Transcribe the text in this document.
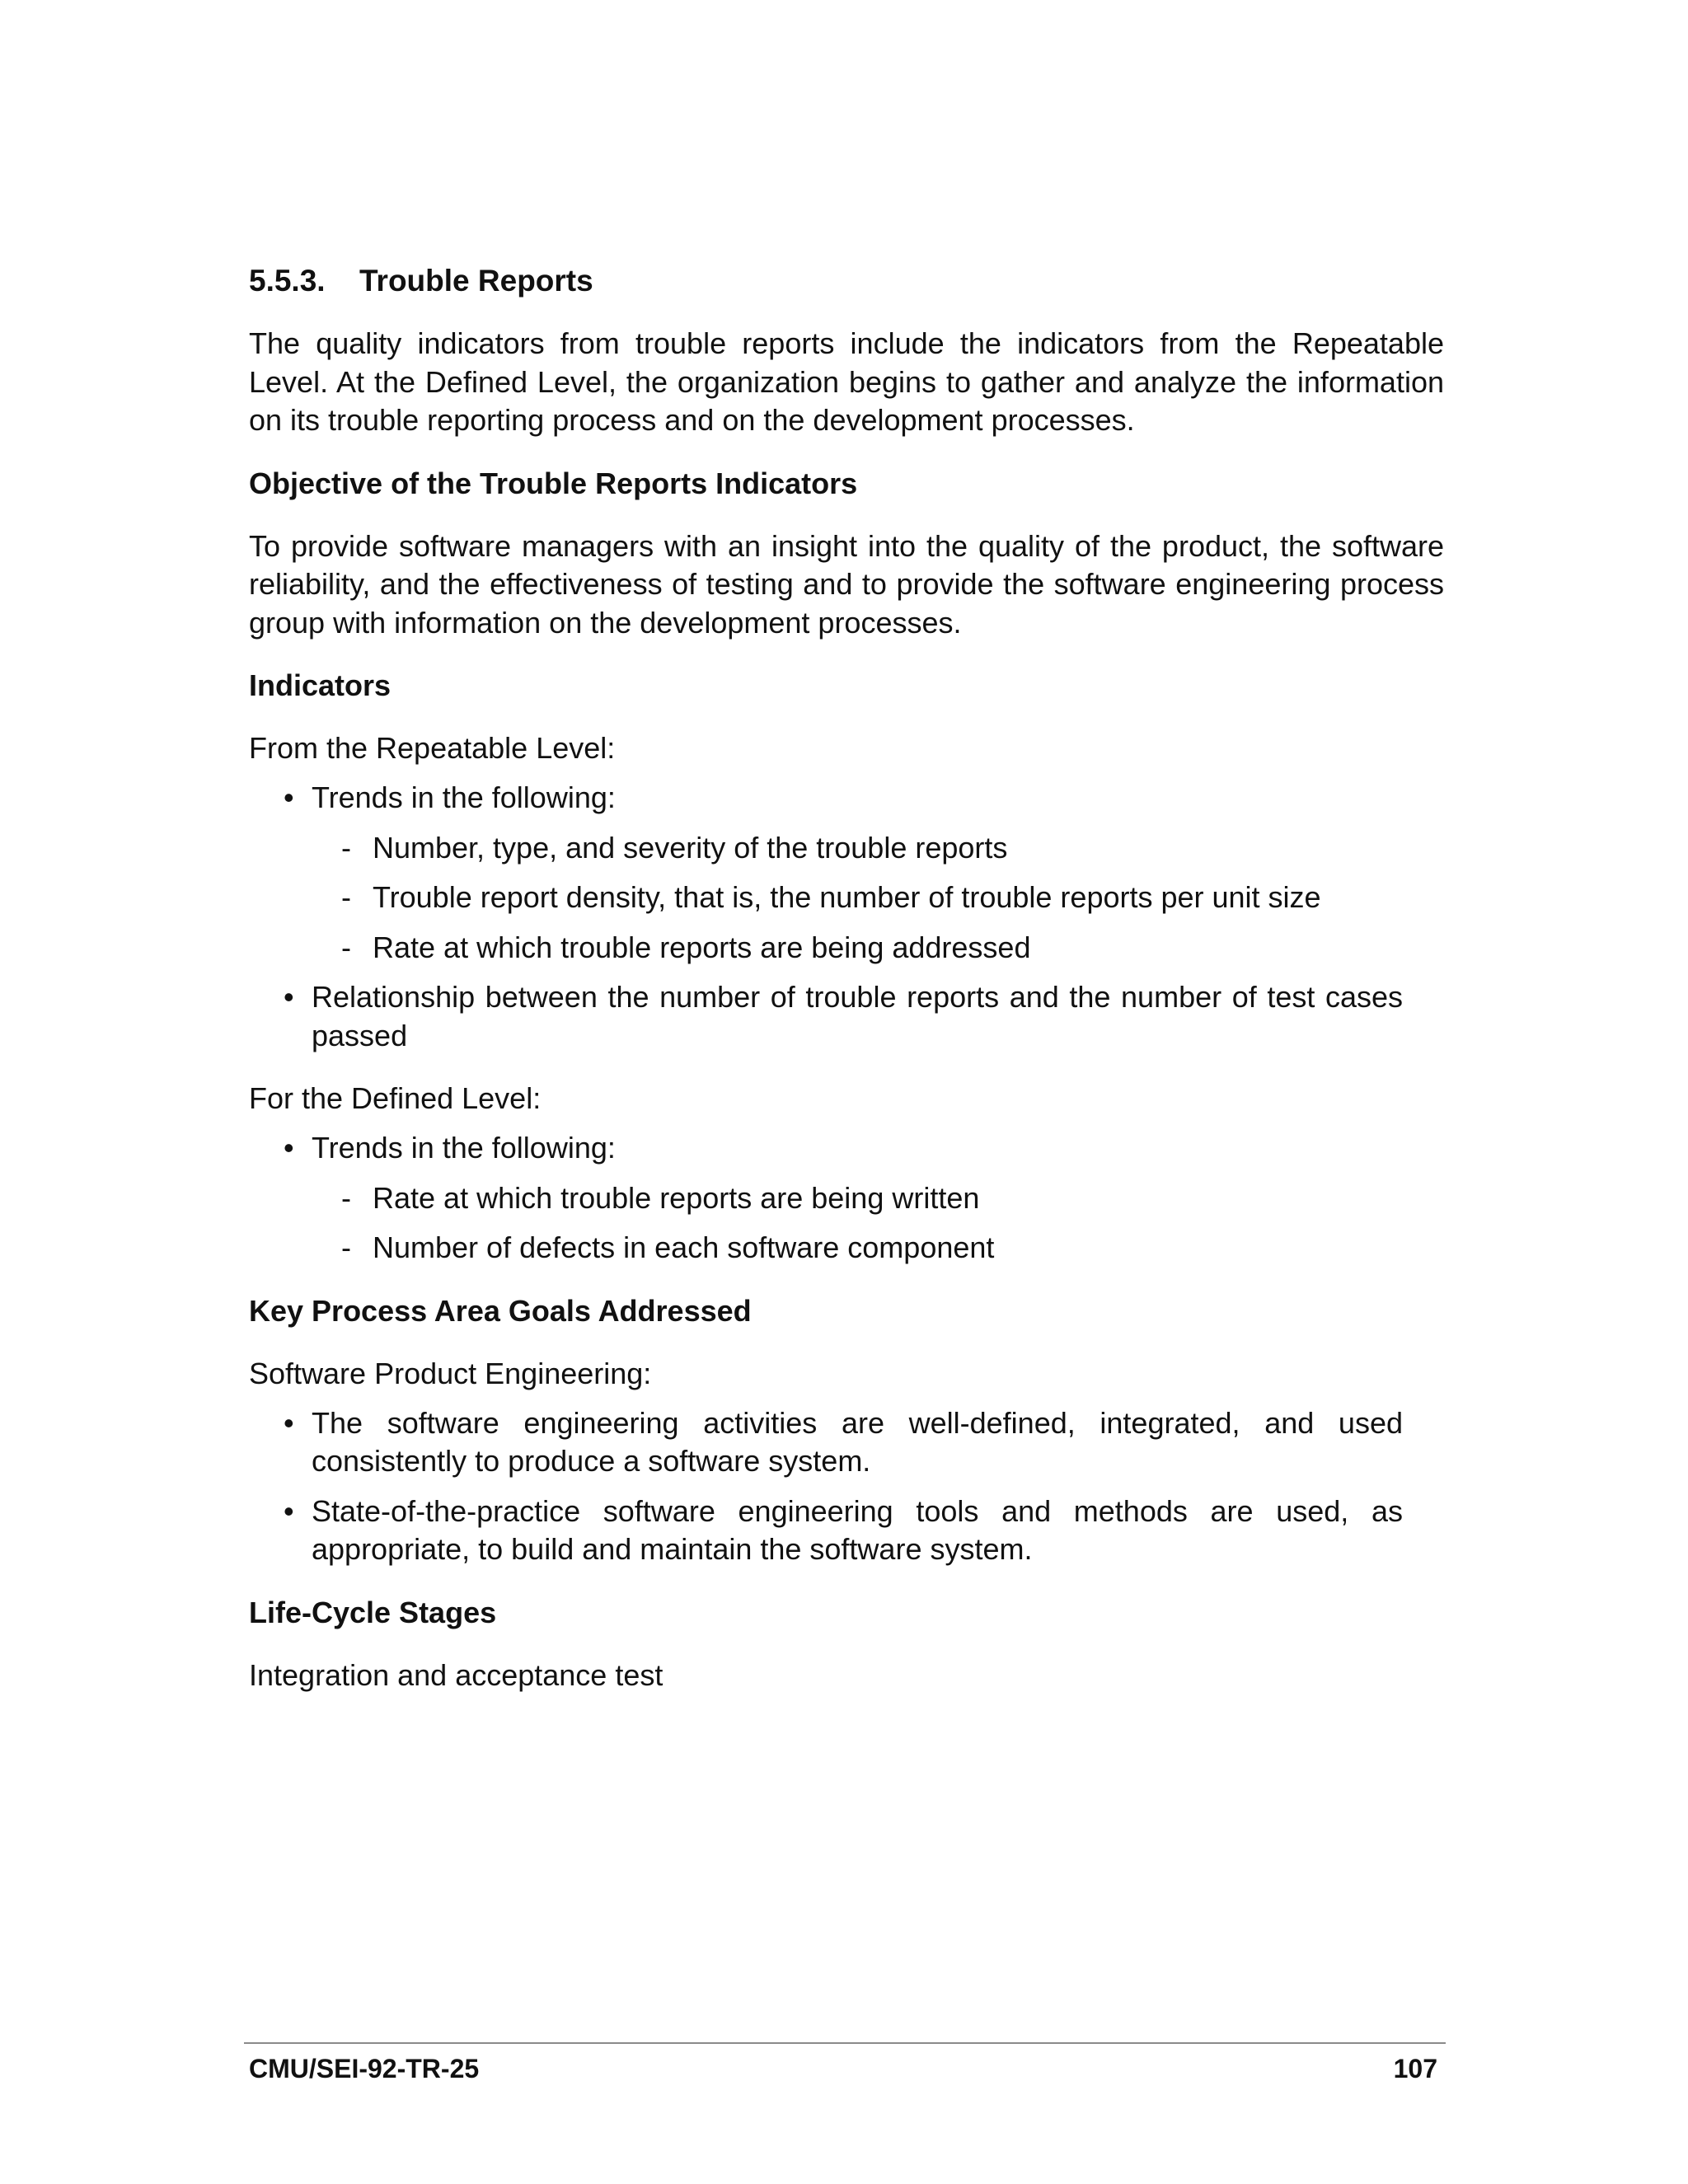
5.5.3. Trouble Reports

The quality indicators from trouble reports include the indicators from the Repeatable Level. At the Defined Level, the organization begins to gather and analyze the information on its trouble reporting process and on the development processes.

Objective of the Trouble Reports Indicators

To provide software managers with an insight into the quality of the product, the software reliability, and the effectiveness of testing and to provide the software engineering process group with information on the development processes.

Indicators
From the Repeatable Level:
• Trends in the following:
- Number, type, and severity of the trouble reports
- Trouble report density, that is, the number of trouble reports per unit size
- Rate at which trouble reports are being addressed
• Relationship between the number of trouble reports and the number of test cases passed
For the Defined Level:
• Trends in the following:
- Rate at which trouble reports are being written
- Number of defects in each software component
Key Process Area Goals Addressed
Software Product Engineering:
• The software engineering activities are well-defined, integrated, and used consistently to produce a software system.
• State-of-the-practice software engineering tools and methods are used, as appropriate, to build and maintain the software system.
Life-Cycle Stages

Integration and acceptance test

CMU/SEI-92-TR-25	107
